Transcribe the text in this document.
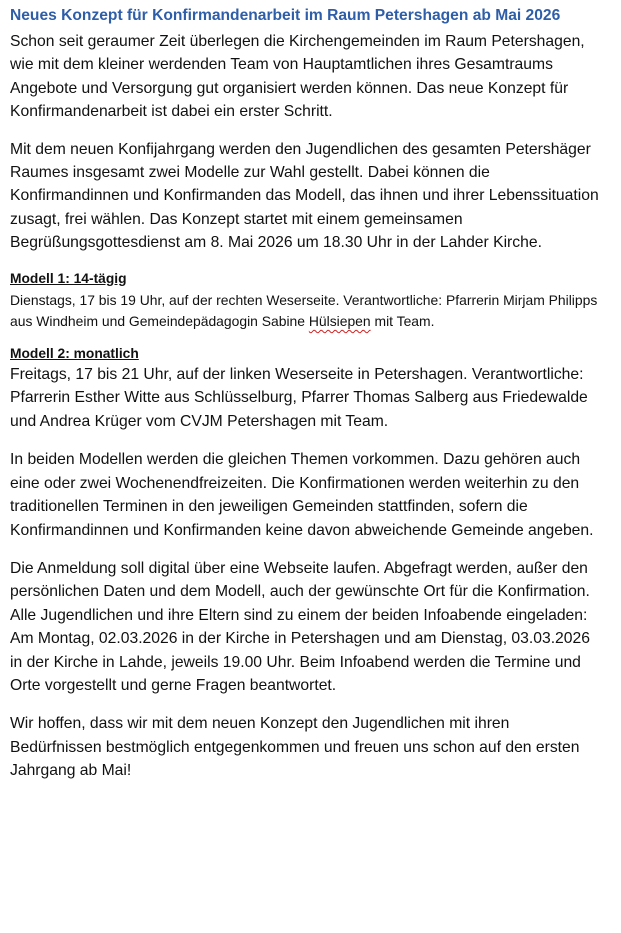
Neues Konzept für Konfirmandenarbeit im Raum Petershagen ab Mai 2026

Schon seit geraumer Zeit überlegen die Kirchengemeinden im Raum Petershagen, wie mit dem kleiner werdenden Team von Hauptamtlichen ihres Gesamtraums Angebote und Versorgung gut organisiert werden können. Das neue Konzept für Konfirmandenarbeit ist dabei ein erster Schritt.

Mit dem neuen Konfijahrgang werden den Jugendlichen des gesamten Petershäger Raumes insgesamt zwei Modelle zur Wahl gestellt. Dabei können die Konfirmandinnen und Konfirmanden das Modell, das ihnen und ihrer Lebenssituation zusagt, frei wählen. Das Konzept startet mit einem gemeinsamen Begrüßungsgottesdienst am 8. Mai 2026 um 18.30 Uhr in der Lahder Kirche.

Modell 1: 14-tägig

Dienstags, 17 bis 19 Uhr, auf der rechten Weserseite. Verantwortliche: Pfarrerin Mirjam Philipps aus Windheim und Gemeindepädagogin Sabine Hülsiepen mit Team.

Modell 2: monatlich

Freitags, 17 bis 21 Uhr, auf der linken Weserseite in Petershagen. Verantwortliche: Pfarrerin Esther Witte aus Schlüsselburg, Pfarrer Thomas Salberg aus Friedewalde und Andrea Krüger vom CVJM Petershagen mit Team.

In beiden Modellen werden die gleichen Themen vorkommen. Dazu gehören auch eine oder zwei Wochenendfreizeiten. Die Konfirmationen werden weiterhin zu den traditionellen Terminen in den jeweiligen Gemeinden stattfinden, sofern die Konfirmandinnen und Konfirmanden keine davon abweichende Gemeinde angeben.

Die Anmeldung soll digital über eine Webseite laufen. Abgefragt werden, außer den persönlichen Daten und dem Modell, auch der gewünschte Ort für die Konfirmation. Alle Jugendlichen und ihre Eltern sind zu einem der beiden Infoabende eingeladen: Am Montag, 02.03.2026 in der Kirche in Petershagen und am Dienstag, 03.03.2026 in der Kirche in Lahde, jeweils 19.00 Uhr. Beim Infoabend werden die Termine und Orte vorgestellt und gerne Fragen beantwortet.

Wir hoffen, dass wir mit dem neuen Konzept den Jugendlichen mit ihren Bedürfnissen bestmöglich entgegenkommen und freuen uns schon auf den ersten Jahrgang ab Mai!
